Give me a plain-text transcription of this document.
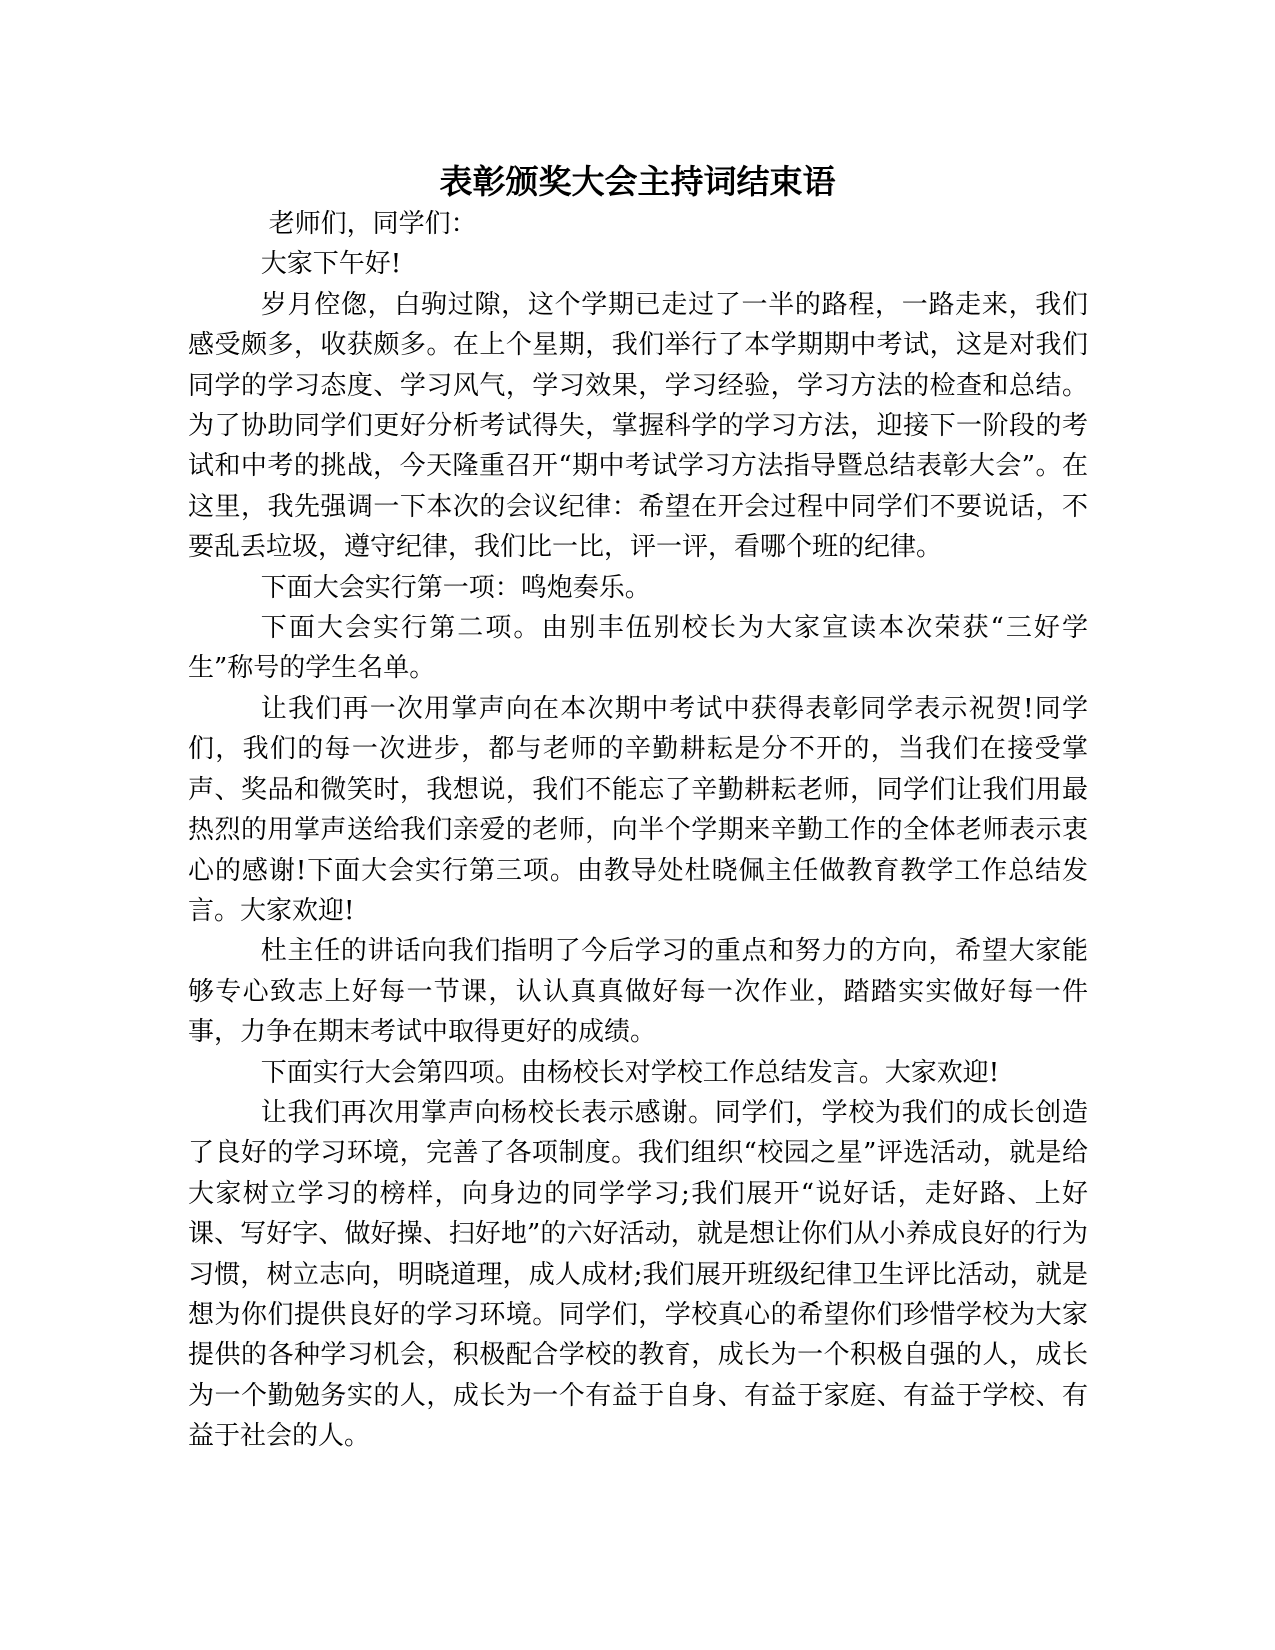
表彰颁奖大会主持词结束语

老师们，同学们：

大家下午好!

岁月倥偬，白驹过隙，这个学期已走过了一半的路程，一路走来，我们感受颇多，收获颇多。在上个星期，我们举行了本学期期中考试，这是对我们同学的学习态度、学习风气，学习效果，学习经验，学习方法的检查和总结。为了协助同学们更好分析考试得失，掌握科学的学习方法，迎接下一阶段的考试和中考的挑战，今天隆重召开“期中考试学习方法指导暨总结表彰大会”。在这里，我先强调一下本次的会议纪律：希望在开会过程中同学们不要说话，不要乱丢垃圾，遵守纪律，我们比一比，评一评，看哪个班的纪律。

下面大会实行第一项：鸣炮奏乐。

下面大会实行第二项。由别丰伍别校长为大家宣读本次荣获“三好学生”称号的学生名单。

让我们再一次用掌声向在本次期中考试中获得表彰同学表示祝贺!同学们，我们的每一次进步，都与老师的辛勤耕耘是分不开的，当我们在接受掌声、奖品和微笑时，我想说，我们不能忘了辛勤耕耘老师，同学们让我们用最热烈的用掌声送给我们亲爱的老师，向半个学期来辛勤工作的全体老师表示衷心的感谢!下面大会实行第三项。由教导处杜晓佩主任做教育教学工作总结发言。大家欢迎!

杜主任的讲话向我们指明了今后学习的重点和努力的方向，希望大家能够专心致志上好每一节课，认认真真做好每一次作业，踏踏实实做好每一件事，力争在期末考试中取得更好的成绩。

下面实行大会第四项。由杨校长对学校工作总结发言。大家欢迎!

让我们再次用掌声向杨校长表示感谢。同学们，学校为我们的成长创造了良好的学习环境，完善了各项制度。我们组织“校园之星”评选活动，就是给大家树立学习的榜样，向身边的同学学习;我们展开“说好话，走好路、上好课、写好字、做好操、扫好地”的六好活动，就是想让你们从小养成良好的行为习惯，树立志向，明晓道理，成人成材;我们展开班级纪律卫生评比活动，就是想为你们提供良好的学习环境。同学们，学校真心的希望你们珍惜学校为大家提供的各种学习机会，积极配合学校的教育，成长为一个积极自强的人，成长为一个勤勉务实的人，成长为一个有益于自身、有益于家庭、有益于学校、有益于社会的人。
